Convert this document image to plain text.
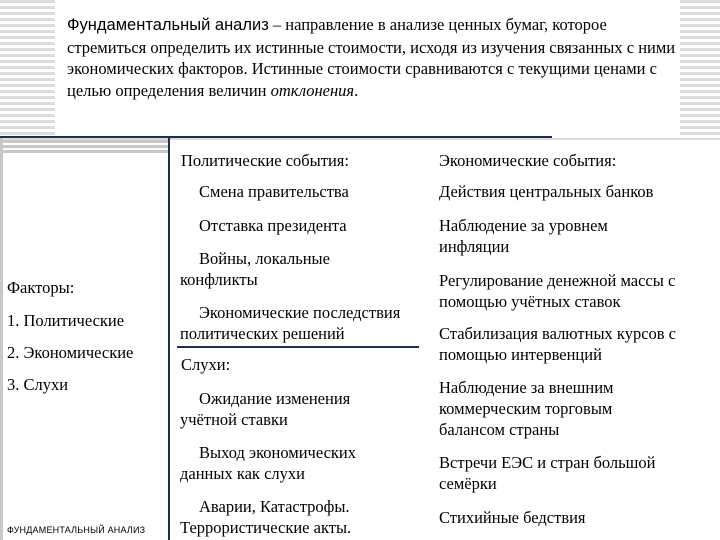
Фундаментальный анализ – направление в анализе ценных бумаг, которое стремиться определить их истинные стоимости, исходя из изучения связанных с ними экономических факторов. Истинные стоимости сравниваются с текущими ценами с целью определения величин отклонения.

Факторы:

1. Политические

2. Экономические

3. Слухи

Политические события:

Смена правительства

Отставка президента

Войны, локальные конфликты

Экономические последствия политических решений

Слухи:

Ожидание изменения учётной ставки

Выход экономических данных как слухи

Аварии, Катастрофы. Террористические акты.

Экономические события:

Действия центральных банков

Наблюдение за уровнем инфляции

Регулирование денежной массы с помощью учётных ставок

Стабилизация валютных курсов с помощью интервенций

Наблюдение за внешним коммерческим торговым балансом страны

Встречи ЕЭС и стран большой семёрки

Стихийные бедствия

ФУНДАМЕНТАЛЬНЫЙ АНАЛИЗ
